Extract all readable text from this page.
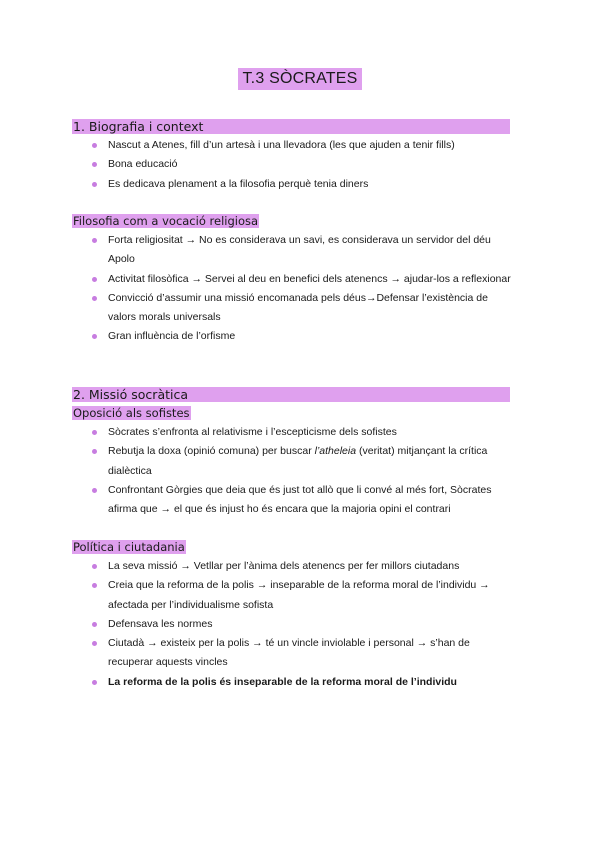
T.3 SÒCRATES
1. Biografia i context
Nascut a Atenes, fill d’un artesà i una llevadora (les que ajuden a tenir fills)
Bona educació
Es dedicava plenament a la filosofia perquè tenia diners
Filosofia com a vocació religiosa
Forta religiositat → No es considerava un savi, es considerava un servidor del déu Apolo
Activitat filosòfica → Servei al deu en benefici dels atenencs → ajudar-los a reflexionar
Convicció d’assumir una missió encomanada pels déus→Defensar l’existència de valors morals universals
Gran influència de l’orfisme
2. Missió socràtica
Oposició als sofistes
Sòcrates s’enfronta al relativisme i l’escepticisme dels sofistes
Rebutja la doxa (opinió comuna) per buscar l’atheleia (veritat) mitjançant la crítica dialèctica
Confrontant Gòrgies que deia que és just tot allò que li convé al més fort, Sòcrates afirma que → el que és injust ho és encara que la majoria opini el contrari
Política i ciutadania
La seva missió → Vetllar per l’ànima dels atenencs per fer millors ciutadans
Creia que la reforma de la polis → inseparable de la reforma moral de l’individu → afectada per l’individualisme sofista
Defensava les normes
Ciutadà → existeix per la polis → té un vincle inviolable i personal → s’han de recuperar aquests vincles
La reforma de la polis és inseparable de la reforma moral de l’individu
